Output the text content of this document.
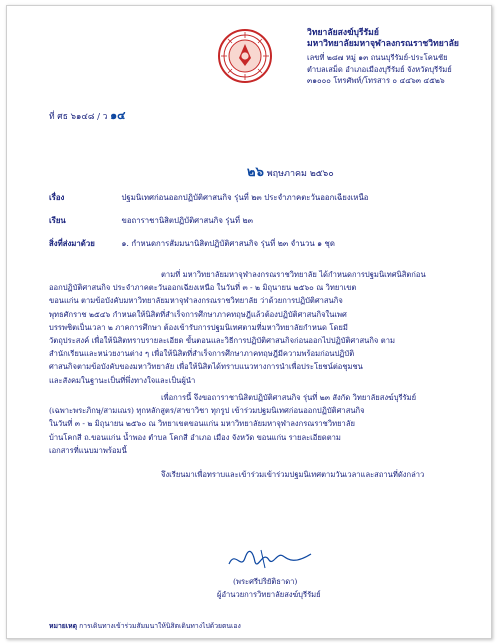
วิทยาลัยสงฆ์บุรีรัมย์
มหาวิทยาลัยมหาจุฬาลงกรณราชวิทยาลัย
เลขที่ ๒๘๗ หมู่ ๑๓ ถนนบุรีรัมย์-ประโคนชัย
ตำบลเสม็ด อำเภอเมืองบุรีรัมย์ จังหวัดบุรีรัมย์
๓๑๐๐๐ โทรศัพท์/โทรสาร ๐ ๔๔๖๓ ๔๕๒๖
ที่ ศธ ๖๑๔๘ / ว ๑๔
๒๖ พฤษภาคม ๒๕๖๐
เรื่อง	ปฐมนิเทศก่อนออกปฏิบัติศาสนกิจ รุ่นที่ ๒๓ ประจำภาคตะวันออกเฉียงเหนือ
เรียน	ขอถาราชานิสิตปฏิบัติศาสนกิจ รุ่นที่ ๒๓
สิ่งที่ส่งมาด้วย	๑. กำหนดการสัมมนานิสิตปฏิบัติศาสนกิจ รุ่นที่ ๒๓ จำนวน ๑ ชุด
ตามที่ มหาวิทยาลัยมหาจุฬาลงกรณราชวิทยาลัย ได้กำหนดการปฐมนิเทศนิสิตก่อน
ออกปฏิบัติศาสนกิจ ประจำภาคตะวันออกเฉียงเหนือ ในวันที่ ๓ - ๒ มิถุนายน ๒๕๖๐ ณ วิทยาเขต
ขอนแก่น ตามข้อบังคับมหาวิทยาลัยมหาจุฬาลงกรณราชวิทยาลัย ว่าด้วยการปฏิบัติศาสนกิจ
พุทธศักราช ๒๕๔๖ กำหนดให้นิสิตที่สำเร็จการศึกษาภาคทฤษฎีแล้วต้องปฏิบัติศาสนกิจในเพศ
บรรพชิตเป็นเวลา ๒ ภาคการศึกษา ต้องเข้ารับการปฐมนิเทศตามที่มหาวิทยาลัยกำหนด โดยมี
วัตถุประสงค์ เพื่อให้นิสิตทราบรายละเอียด ขั้นตอนและวิธีการปฏิบัติศาสนกิจก่อนออกไปปฏิบัติศาสนกิจ ตาม
สำนักเรียนและหน่วยงานต่าง ๆ เพื่อให้นิสิตที่สำเร็จการศึกษาภาคทฤษฎีมีความพร้อมก่อนปฏิบัติ
ศาสนกิจตามข้อบังคับของมหาวิทยาลัย เพื่อให้นิสิตได้ทราบแนวทางการนำเพื่อประโยชน์ต่อชุมชน
และสังคมในฐานะเป็นที่พึ่งทางใจและเป็นผู้นำ
เพื่อการนี้ จึงขอถาราชานิสิตปฏิบัติศาสนกิจ รุ่นที่ ๒๓ สังกัด วิทยาลัยสงฆ์บุรีรัมย์
(เฉพาะพระภิกษุ/สามเณร) ทุกหลักสูตร/สาขาวิชา ทุกรูป เข้าร่วมปฐมนิเทศก่อนออกปฏิบัติศาสนกิจ
ในวันที่ ๓ - ๒ มิถุนายน ๒๕๖๐ ณ วิทยาเขตขอนแก่น มหาวิทยาลัยมหาจุฬาลงกรณราชวิทยาลัย
บ้านโคกสี ถ.ขอนแก่น น้ำพอง ตำบล โคกสี อำเภอ เมือง จังหวัด ขอนแก่น รายละเอียดตาม
เอกสารที่แนบมาพร้อมนี้
จึงเรียนมาเพื่อทราบและเข้าร่วมเข้าร่วมปฐมนิเทศตามวันเวลาและสถานที่ดังกล่าว
(พระศรีปริยัติธาดา)
ผู้อำนวยการวิทยาลัยสงฆ์บุรีรัมย์
หมายเหตุ การเดินทางเข้าร่วมสัมมนาให้นิสิตเดินทางไปด้วยตนเอง
